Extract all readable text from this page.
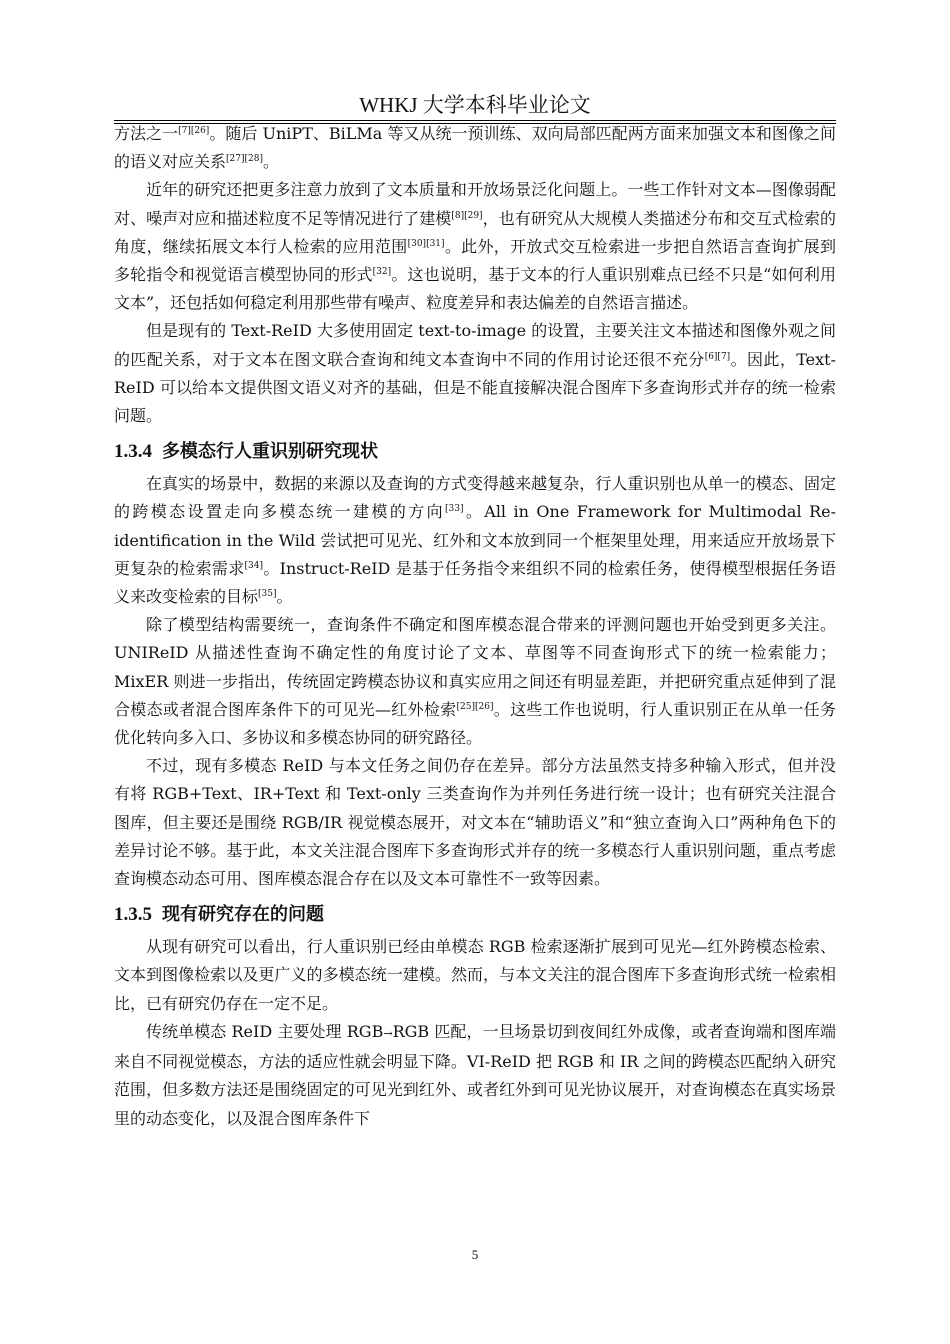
WHKJ 大学本科毕业论文

方法之一[7][26]。随后 UniPT、BiLMa 等又从统一预训练、双向局部匹配两方面来加强文本和图像之间的语义对应关系[27][28]。

近年的研究还把更多注意力放到了文本质量和开放场景泛化问题上。一些工作针对文本—图像弱配对、噪声对应和描述粒度不足等情况进行了建模[8][29]，也有研究从大规模人类描述分布和交互式检索的角度，继续拓展文本行人检索的应用范围[30][31]。此外，开放式交互检索进一步把自然语言查询扩展到多轮指令和视觉语言模型协同的形式[32]。这也说明，基于文本的行人重识别难点已经不只是“如何利用文本”，还包括如何稳定利用那些带有噪声、粒度差异和表达偏差的自然语言描述。

但是现有的 Text-ReID 大多使用固定 text-to-image 的设置，主要关注文本描述和图像外观之间的匹配关系，对于文本在图文联合查询和纯文本查询中不同的作用讨论还很不充分[6][7]。因此，Text-ReID 可以给本文提供图文语义对齐的基础，但是不能直接解决混合图库下多查询形式并存的统一检索问题。

1.3.4 多模态行人重识别研究现状

在真实的场景中，数据的来源以及查询的方式变得越来越复杂，行人重识别也从单一的模态、固定的跨模态设置走向多模态统一建模的方向[33]。All in One Framework for Multimodal Re-identification in the Wild 尝试把可见光、红外和文本放到同一个框架里处理，用来适应开放场景下更复杂的检索需求[34]。Instruct-ReID 是基于任务指令来组织不同的检索任务，使得模型根据任务语义来改变检索的目标[35]。

除了模型结构需要统一，查询条件不确定和图库模态混合带来的评测问题也开始受到更多关注。UNIReID 从描述性查询不确定性的角度讨论了文本、草图等不同查询形式下的统一检索能力；MixER 则进一步指出，传统固定跨模态协议和真实应用之间还有明显差距，并把研究重点延伸到了混合模态或者混合图库条件下的可见光—红外检索[25][26]。这些工作也说明，行人重识别正在从单一任务优化转向多入口、多协议和多模态协同的研究路径。

不过，现有多模态 ReID 与本文任务之间仍存在差异。部分方法虽然支持多种输入形式，但并没有将 RGB+Text、IR+Text 和 Text-only 三类查询作为并列任务进行统一设计；也有研究关注混合图库，但主要还是围绕 RGB/IR 视觉模态展开，对文本在“辅助语义”和“独立查询入口”两种角色下的差异讨论不够。基于此，本文关注混合图库下多查询形式并存的统一多模态行人重识别问题，重点考虑查询模态动态可用、图库模态混合存在以及文本可靠性不一致等因素。

1.3.5 现有研究存在的问题

从现有研究可以看出，行人重识别已经由单模态 RGB 检索逐渐扩展到可见光—红外跨模态检索、文本到图像检索以及更广义的多模态统一建模。然而，与本文关注的混合图库下多查询形式统一检索相比，已有研究仍存在一定不足。

传统单模态 ReID 主要处理 RGB→RGB 匹配，一旦场景切到夜间红外成像，或者查询端和图库端来自不同视觉模态，方法的适应性就会明显下降。VI-ReID 把 RGB 和 IR 之间的跨模态匹配纳入研究范围，但多数方法还是围绕固定的可见光到红外、或者红外到可见光协议展开，对查询模态在真实场景里的动态变化，以及混合图库条件下

5
